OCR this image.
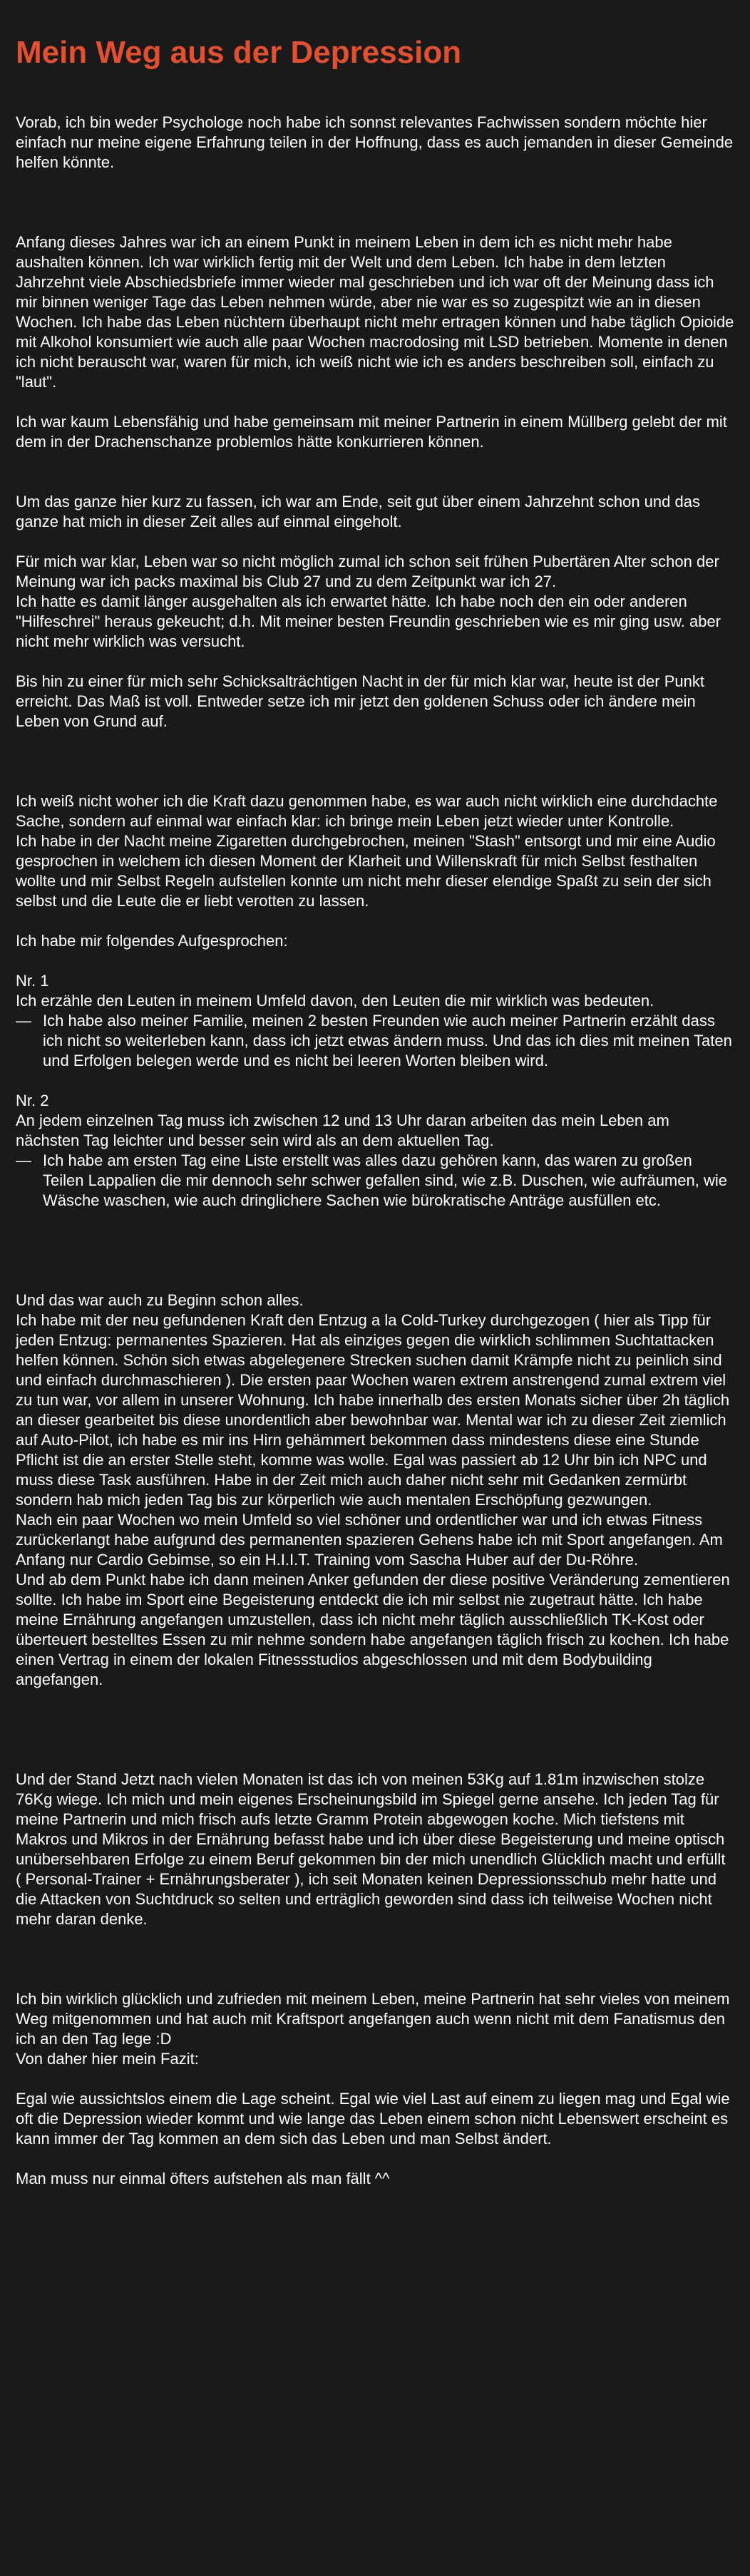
Mein Weg aus der Depression

Vorab, ich bin weder Psychologe noch habe ich sonnst relevantes Fachwissen sondern möchte hier einfach nur meine eigene Erfahrung teilen in der Hoffnung, dass es auch jemanden in dieser Gemeinde helfen könnte.

Anfang dieses Jahres war ich an einem Punkt in meinem Leben in dem ich es nicht mehr habe aushalten können. Ich war wirklich fertig mit der Welt und dem Leben. Ich habe in dem letzten Jahrzehnt viele Abschiedsbriefe immer wieder mal geschrieben und ich war oft der Meinung dass ich mir binnen weniger Tage das Leben nehmen würde, aber nie war es so zugespitzt wie an in diesen Wochen. Ich habe das Leben nüchtern überhaupt nicht mehr ertragen können und habe täglich Opioide mit Alkohol konsumiert wie auch alle paar Wochen macrodosing mit LSD betrieben. Momente in denen ich nicht berauscht war, waren für mich, ich weiß nicht wie ich es anders beschreiben soll, einfach zu "laut".

Ich war kaum Lebensfähig und habe gemeinsam mit meiner Partnerin in einem Müllberg gelebt der mit dem in der Drachenschanze problemlos hätte konkurrieren können.

Um das ganze hier kurz zu fassen, ich war am Ende, seit gut über einem Jahrzehnt schon und das ganze hat mich in dieser Zeit alles auf einmal eingeholt.

Für mich war klar, Leben war so nicht möglich zumal ich schon seit frühen Pubertären Alter schon der Meinung war ich packs maximal bis Club 27 und zu dem Zeitpunkt war ich 27.
Ich hatte es damit länger ausgehalten als ich erwartet hätte. Ich habe noch den ein oder anderen "Hilfeschrei" heraus gekeucht; d.h. Mit meiner besten Freundin geschrieben wie es mir ging usw. aber nicht mehr wirklich was versucht.

Bis hin zu einer für mich sehr Schicksalträchtigen Nacht in der für mich klar war, heute ist der Punkt erreicht. Das Maß ist voll. Entweder setze ich mir jetzt den goldenen Schuss oder ich ändere mein Leben von Grund auf.

Ich weiß nicht woher ich die Kraft dazu genommen habe, es war auch nicht wirklich eine durchdachte Sache, sondern auf einmal war einfach klar: ich bringe mein Leben jetzt wieder unter Kontrolle.
Ich habe in der Nacht meine Zigaretten durchgebrochen, meinen "Stash" entsorgt und mir eine Audio gesprochen in welchem ich diesen Moment der Klarheit und Willenskraft für mich Selbst festhalten wollte und mir Selbst Regeln aufstellen konnte um nicht mehr dieser elendige Spaßt zu sein der sich selbst und die Leute die er liebt verotten zu lassen.

Ich habe mir folgendes Aufgesprochen:

Nr. 1

Ich erzähle den Leuten in meinem Umfeld davon, den Leuten die mir wirklich was bedeuten.

— Ich habe also meiner Familie, meinen 2 besten Freunden wie auch meiner Partnerin erzählt dass ich nicht so weiterleben kann, dass ich jetzt etwas ändern muss. Und das ich dies mit meinen Taten und Erfolgen belegen werde und es nicht bei leeren Worten bleiben wird.

Nr. 2

An jedem einzelnen Tag muss ich zwischen 12 und 13 Uhr daran arbeiten das mein Leben am nächsten Tag leichter und besser sein wird als an dem aktuellen Tag.

— Ich habe am ersten Tag eine Liste erstellt was alles dazu gehören kann, das waren zu großen Teilen Lappalien die mir dennoch sehr schwer gefallen sind, wie z.B. Duschen, wie aufräumen, wie Wäsche waschen, wie auch dringlichere Sachen wie bürokratische Anträge ausfüllen etc.

Und das war auch zu Beginn schon alles.
Ich habe mit der neu gefundenen Kraft den Entzug a la Cold-Turkey durchgezogen ( hier als Tipp für jeden Entzug: permanentes Spazieren. Hat als einziges gegen die wirklich schlimmen Suchtattacken helfen können. Schön sich etwas abgelegenere Strecken suchen damit Krämpfe nicht zu peinlich sind und einfach durchmaschieren ). Die ersten paar Wochen waren extrem anstrengend zumal extrem viel zu tun war, vor allem in unserer Wohnung. Ich habe innerhalb des ersten Monats sicher über 2h täglich an dieser gearbeitet bis diese unordentlich aber bewohnbar war. Mental war ich zu dieser Zeit ziemlich auf Auto-Pilot, ich habe es mir ins Hirn gehämmert bekommen dass mindestens diese eine Stunde Pflicht ist die an erster Stelle steht, komme was wolle. Egal was passiert ab 12 Uhr bin ich NPC und muss diese Task ausführen. Habe in der Zeit mich auch daher nicht sehr mit Gedanken zermürbt sondern hab mich jeden Tag bis zur körperlich wie auch mentalen Erschöpfung gezwungen.
Nach ein paar Wochen wo mein Umfeld so viel schöner und ordentlicher war und ich etwas Fitness zurückerlangt habe aufgrund des permanenten spazieren Gehens habe ich mit Sport angefangen. Am Anfang nur Cardio Gebimse, so ein H.I.I.T. Training vom Sascha Huber auf der Du-Röhre.
Und ab dem Punkt habe ich dann meinen Anker gefunden der diese positive Veränderung zementieren sollte. Ich habe im Sport eine Begeisterung entdeckt die ich mir selbst nie zugetraut hätte. Ich habe meine Ernährung angefangen umzustellen, dass ich nicht mehr täglich ausschließlich TK-Kost oder überteuert bestelltes Essen zu mir nehme sondern habe angefangen täglich frisch zu kochen. Ich habe einen Vertrag in einem der lokalen Fitnessstudios abgeschlossen und mit dem Bodybuilding angefangen.

Und der Stand Jetzt nach vielen Monaten ist das ich von meinen 53Kg auf 1.81m inzwischen stolze 76Kg wiege. Ich mich und mein eigenes Erscheinungsbild im Spiegel gerne ansehe. Ich jeden Tag für meine Partnerin und mich frisch aufs letzte Gramm Protein abgewogen koche. Mich tiefstens mit Makros und Mikros in der Ernährung befasst habe und ich über diese Begeisterung und meine optisch unübersehbaren Erfolge zu einem Beruf gekommen bin der mich unendlich Glücklich macht und erfüllt ( Personal-Trainer + Ernährungsberater ), ich seit Monaten keinen Depressionsschub mehr hatte und die Attacken von Suchtdruck so selten und erträglich geworden sind dass ich teilweise Wochen nicht mehr daran denke.

Ich bin wirklich glücklich und zufrieden mit meinem Leben, meine Partnerin hat sehr vieles von meinem Weg mitgenommen und hat auch mit Kraftsport angefangen auch wenn nicht mit dem Fanatismus den ich an den Tag lege :D
Von daher hier mein Fazit:

Egal wie aussichtslos einem die Lage scheint. Egal wie viel Last auf einem zu liegen mag und Egal wie oft die Depression wieder kommt und wie lange das Leben einem schon nicht Lebenswert erscheint es kann immer der Tag kommen an dem sich das Leben und man Selbst ändert.

Man muss nur einmal öfters aufstehen als man fällt ^^
